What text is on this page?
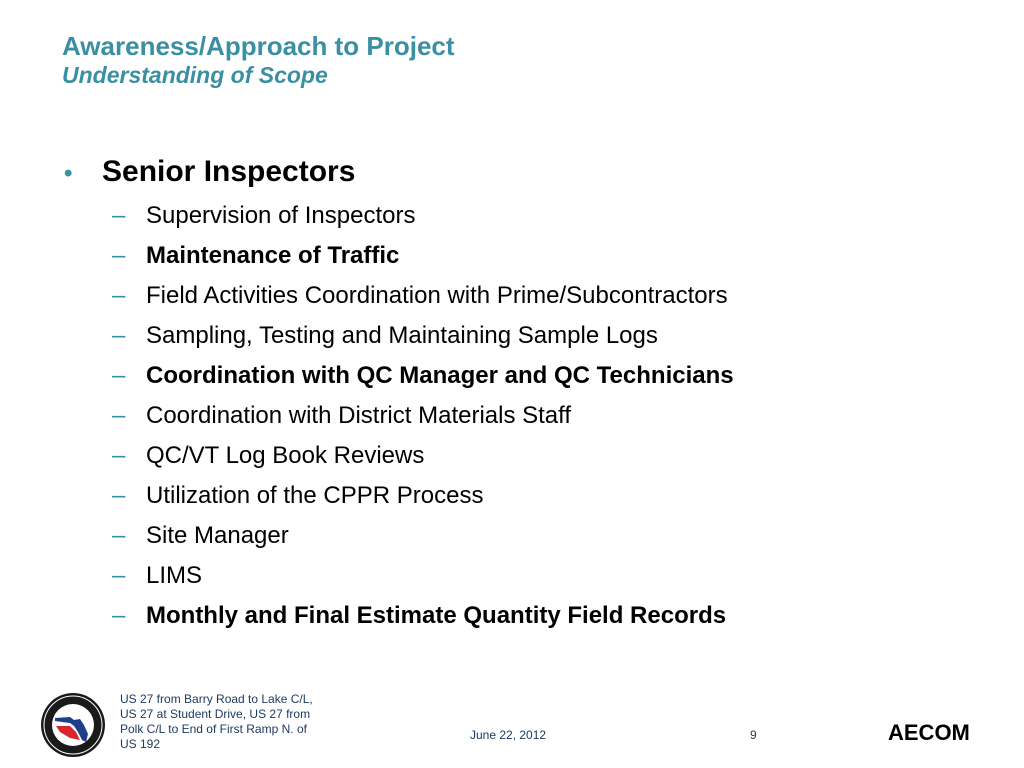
Awareness/Approach to Project
Understanding of Scope
• Senior Inspectors
– Supervision of Inspectors
– Maintenance of Traffic
– Field Activities Coordination with Prime/Subcontractors
– Sampling, Testing and Maintaining Sample Logs
– Coordination with QC Manager and QC Technicians
– Coordination with District Materials Staff
– QC/VT Log Book Reviews
– Utilization of the CPPR Process
– Site Manager
– LIMS
– Monthly and Final Estimate Quantity Field Records
US 27 from Barry Road to Lake C/L,
US 27 at Student Drive, US 27 from
Polk C/L to End of First Ramp N. of
US 192
June 22, 2012	9	AECOM
